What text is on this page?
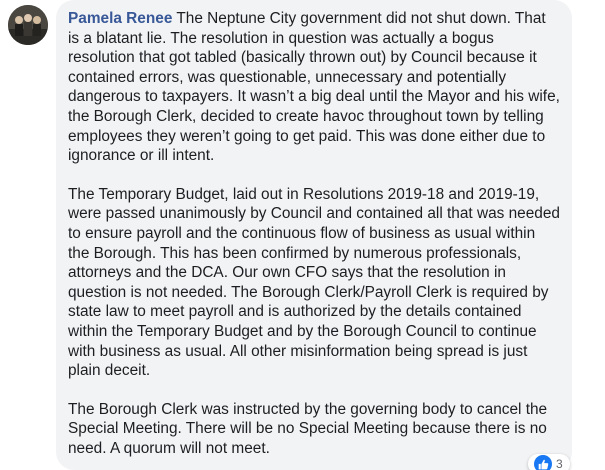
Pamela Renee The Neptune City government did not shut down. That is a blatant lie. The resolution in question was actually a bogus resolution that got tabled (basically thrown out) by Council because it contained errors, was questionable, unnecessary and potentially dangerous to taxpayers. It wasn’t a big deal until the Mayor and his wife, the Borough Clerk, decided to create havoc throughout town by telling employees they weren’t going to get paid. This was done either due to ignorance or ill intent.

The Temporary Budget, laid out in Resolutions 2019-18 and 2019-19, were passed unanimously by Council and contained all that was needed to ensure payroll and the continuous flow of business as usual within the Borough. This has been confirmed by numerous professionals, attorneys and the DCA. Our own CFO says that the resolution in question is not needed. The Borough Clerk/Payroll Clerk is required by state law to meet payroll and is authorized by the details contained within the Temporary Budget and by the Borough Council to continue with business as usual. All other misinformation being spread is just plain deceit.

The Borough Clerk was instructed by the governing body to cancel the Special Meeting. There will be no Special Meeting because there is no need. A quorum will not meet.

3
